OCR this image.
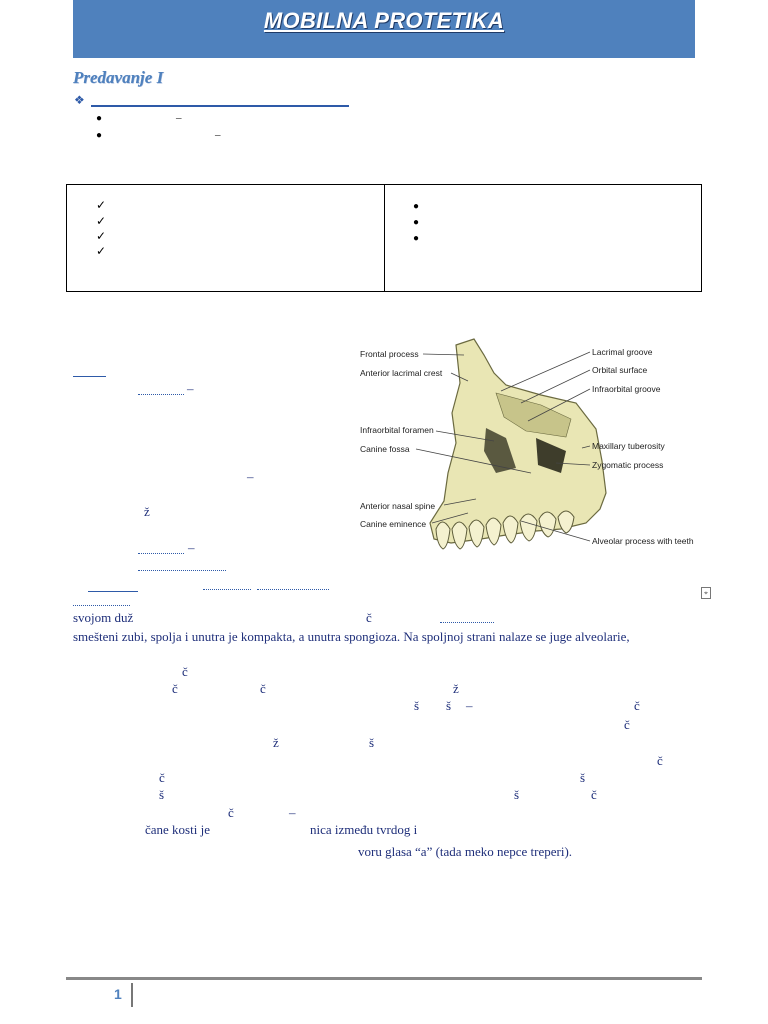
MOBILNA PROTETIKA
Predavanje I
❖
●	–
●	–
✓
✓
✓
✓
●
●
●
Frontal process
Anterior lacrimal crest
Infraorbital foramen
Canine fossa
Anterior nasal spine
Canine eminence
Lacrimal groove
Orbital surface
Infraorbital groove
Maxillary tuberosity
Zygomatic process
Alveolar process with teeth
–
–
ž
–
⌖
svojom duž	č
smešteni zubi, spolja i unutra je kompakta, a unutra spongioza. Na spoljnoj strani nalaze se juge alveolarie,
č
č	č	ž
š š –	č
č
ž	š
č
č	š
š	š	č
č	–
čane kosti je	nica između tvrdog i
voru glasa “a” (tada meko nepce treperi).
1
